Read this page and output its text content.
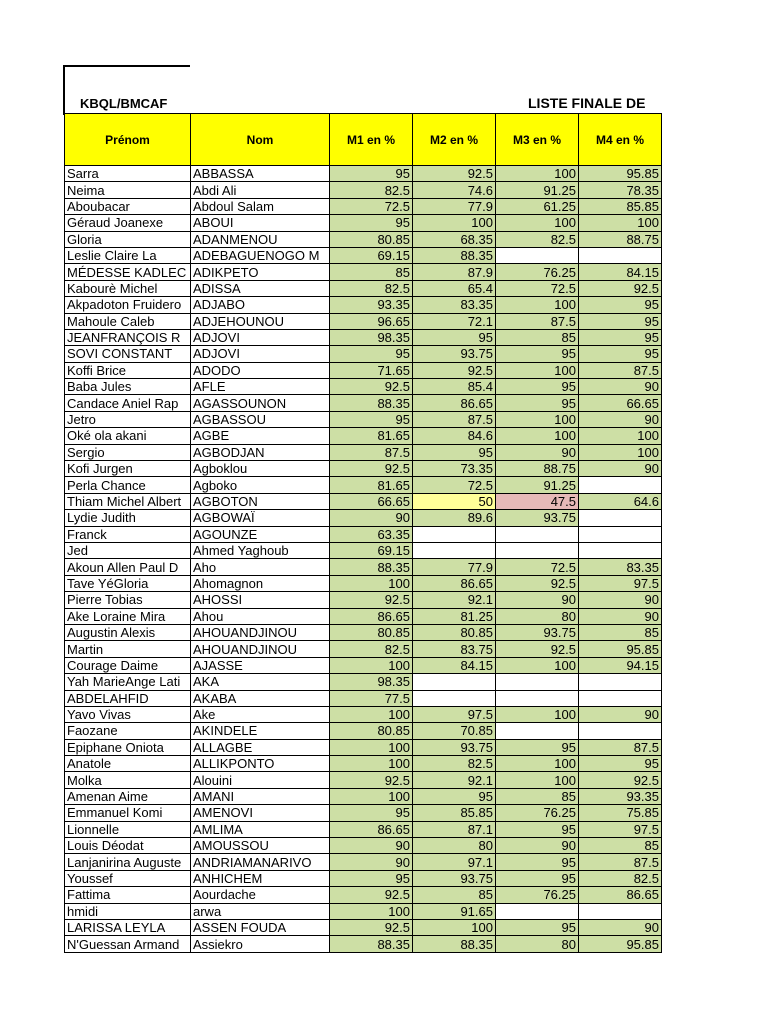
KBQL/BMCAF	LISTE FINALE DE
Prénom	Nom	M1 en %	M2 en %	M3 en %	M4 en %
Sarra	ABBASSA	95	92.5	100	95.85
Neima	Abdi Ali	82.5	74.6	91.25	78.35
Aboubacar	Abdoul Salam	72.5	77.9	61.25	85.85
Géraud Joanexe	ABOUI	95	100	100	100
Gloria	ADANMENOU	80.85	68.35	82.5	88.75
Leslie Claire La	ADEBAGUENOGO M	69.15	88.35		
MÉDESSE KADLEC	ADIKPETO	85	87.9	76.25	84.15
Kabourè Michel	ADISSA	82.5	65.4	72.5	92.5
Akpadoton Fruidero	ADJABO	93.35	83.35	100	95
Mahoule Caleb	ADJEHOUNOU	96.65	72.1	87.5	95
JEANFRANÇOIS R	ADJOVI	98.35	95	85	95
SOVI CONSTANT	ADJOVI	95	93.75	95	95
Koffi Brice	ADODO	71.65	92.5	100	87.5
Baba Jules	AFLE	92.5	85.4	95	90
Candace Aniel Rap	AGASSOUNON	88.35	86.65	95	66.65
Jetro	AGBASSOU	95	87.5	100	90
Oké ola akani	AGBE	81.65	84.6	100	100
Sergio	AGBODJAN	87.5	95	90	100
Kofi Jurgen	Agboklou	92.5	73.35	88.75	90
Perla Chance	Agboko	81.65	72.5	91.25	
Thiam Michel Albert	AGBOTON	66.65	50	47.5	64.6
Lydie Judith	AGBOWAÏ	90	89.6	93.75	
Franck	AGOUNZE	63.35			
Jed	Ahmed Yaghoub	69.15			
Akoun Allen Paul D	Aho	88.35	77.9	72.5	83.35
Tave YéGloria	Ahomagnon	100	86.65	92.5	97.5
Pierre Tobias	AHOSSI	92.5	92.1	90	90
Ake Loraine Mira	Ahou	86.65	81.25	80	90
Augustin Alexis	AHOUANDJINOU	80.85	80.85	93.75	85
Martin	AHOUANDJINOU	82.5	83.75	92.5	95.85
Courage Daime	AJASSE	100	84.15	100	94.15
Yah MarieAnge Lati	AKA	98.35			
ABDELAHFID	AKABA	77.5			
Yavo Vivas	Ake	100	97.5	100	90
Faozane	AKINDELE	80.85	70.85		
Epiphane Oniota	ALLAGBE	100	93.75	95	87.5
Anatole	ALLIKPONTO	100	82.5	100	95
Molka	Alouini	92.5	92.1	100	92.5
Amenan Aime	AMANI	100	95	85	93.35
Emmanuel Komi	AMENOVI	95	85.85	76.25	75.85
Lionnelle	AMLIMA	86.65	87.1	95	97.5
Louis Déodat	AMOUSSOU	90	80	90	85
Lanjanirina Auguste	ANDRIAMANARIVO	90	97.1	95	87.5
Youssef	ANHICHEM	95	93.75	95	82.5
Fattima	Aourdache	92.5	85	76.25	86.65
hmidi	arwa	100	91.65		
LARISSA LEYLA	ASSEN FOUDA	92.5	100	95	90
N'Guessan Armand	Assiekro	88.35	88.35	80	95.85
